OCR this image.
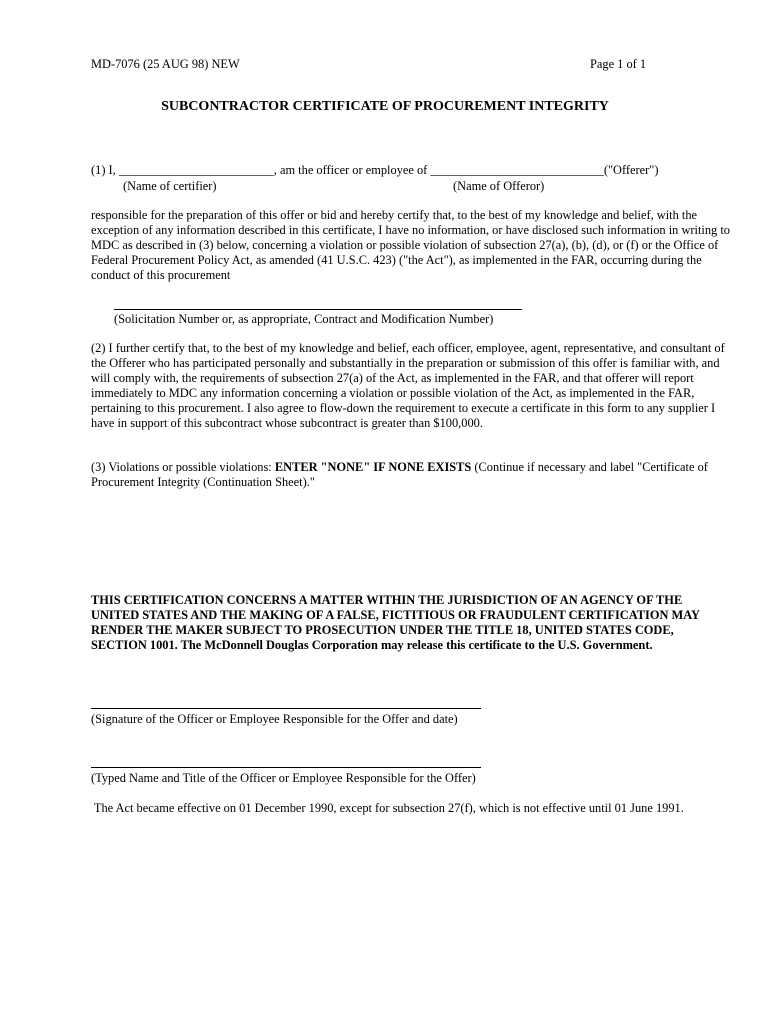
MD-7076 (25 AUG 98) NEW	Page 1 of 1
SUBCONTRACTOR CERTIFICATE OF PROCUREMENT INTEGRITY
(1) I, _________________________, am the officer or employee of ____________________________("Offerer")
(Name of certifier)	(Name of Offeror)
responsible for the preparation of this offer or bid and hereby certify that, to the best of my knowledge and belief, with the exception of any information described in this certificate, I have no information, or have disclosed such information in writing to MDC as described in (3) below, concerning a violation or possible violation of subsection 27(a), (b), (d), or (f) or the Office of Federal Procurement Policy Act, as amended (41 U.S.C. 423) ("the Act"), as implemented in the FAR, occurring during the conduct of this procurement
(Solicitation Number or, as appropriate, Contract and Modification Number)
(2) I further certify that, to the best of my knowledge and belief, each officer, employee, agent, representative, and consultant of the Offerer who has participated personally and substantially in the preparation or submission of this offer is familiar with, and will comply with, the requirements of subsection 27(a) of the Act, as implemented in the FAR, and that offerer will report immediately to MDC any information concerning a violation or possible violation of the Act, as implemented in the FAR, pertaining to this procurement. I also agree to flow-down the requirement to execute a certificate in this form to any supplier I have in support of this subcontract whose subcontract is greater than $100,000.
(3) Violations or possible violations: ENTER "NONE" IF NONE EXISTS (Continue if necessary and label "Certificate of Procurement Integrity (Continuation Sheet)."
THIS CERTIFICATION CONCERNS A MATTER WITHIN THE JURISDICTION OF AN AGENCY OF THE UNITED STATES AND THE MAKING OF A FALSE, FICTITIOUS OR FRAUDULENT CERTIFICATION MAY RENDER THE MAKER SUBJECT TO PROSECUTION UNDER THE TITLE 18, UNITED STATES CODE, SECTION 1001. The McDonnell Douglas Corporation may release this certificate to the U.S. Government.
(Signature of the Officer or Employee Responsible for the Offer and date)
(Typed Name and Title of the Officer or Employee Responsible for the Offer)
The Act became effective on 01 December 1990, except for subsection 27(f), which is not effective until 01 June 1991.
